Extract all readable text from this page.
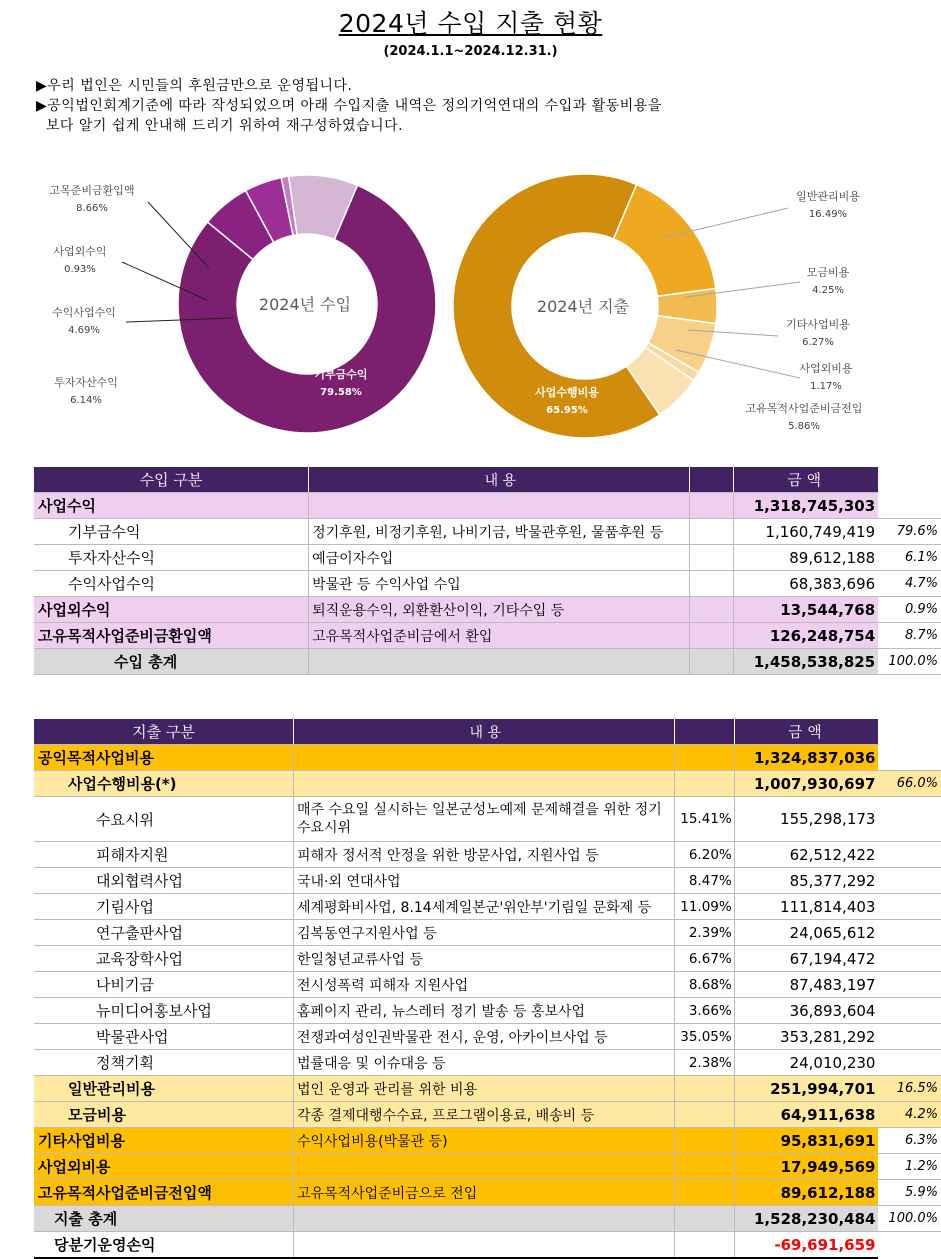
2024년 수입 지출 현황
(2024.1.1~2024.12.31.)
▶우리 법인은 시민들의 후원금만으로 운영됩니다.
▶공익법인회계기준에 따라 작성되었으며 아래 수입지출 내역은 정의기억연대의 수입과 활동비용을
보다 알기 쉽게 안내해 드리기 위하여 재구성하였습니다.
기부금수익
79.58%
투자자산수익
6.14%
수익사업수익
4.69%
사업외수익
0.93%
고목준비금환입액
8.66%
2024년 수입
일반관리비용
16.49%
모금비용
4.25%
기타사업비용
6.27%
사업외비용
1.17%
고유목적사업준비금전입
5.86%
사업수행비용
65.95%
2024년 지출
수입 구분	내 용		금 액	
사업수익			1,318,745,303	
기부금수익	정기후원, 비정기후원, 나비기금, 박물관후원, 물품후원 등		1,160,749,419	79.6%
투자자산수익	예금이자수입		89,612,188	6.1%
수익사업수익	박물관 등 수익사업 수입		68,383,696	4.7%
사업외수익	퇴직운용수익, 외환환산이익, 기타수입 등		13,544,768	0.9%
고유목적사업준비금환입액	고유목적사업준비금에서 환입		126,248,754	8.7%
수입 총계			1,458,538,825	100.0%
지출 구분	내 용		금 액	
공익목적사업비용			1,324,837,036	
사업수행비용(*)			1,007,930,697	66.0%
수요시위	매주 수요일 실시하는 일본군성노예제 문제해결을 위한 정기수요시위	15.41%	155,298,173	
피해자지원	피해자 정서적 안정을 위한 방문사업, 지원사업 등	6.20%	62,512,422	
대외협력사업	국내·외 연대사업	8.47%	85,377,292	
기림사업	세계평화비사업, 8.14세계일본군'위안부'기림일 문화제 등	11.09%	111,814,403	
연구출판사업	김복동연구지원사업 등	2.39%	24,065,612	
교육장학사업	한일청년교류사업 등	6.67%	67,194,472	
나비기금	전시성폭력 피해자 지원사업	8.68%	87,483,197	
뉴미디어홍보사업	홈페이지 관리, 뉴스레터 정기 발송 등 홍보사업	3.66%	36,893,604	
박물관사업	전쟁과여성인권박물관 전시, 운영, 아카이브사업 등	35.05%	353,281,292	
정책기획	법률대응 및 이슈대응 등	2.38%	24,010,230	
일반관리비용	법인 운영과 관리를 위한 비용		251,994,701	16.5%
모금비용	각종 결제대행수수료, 프로그램이용료, 배송비 등		64,911,638	4.2%
기타사업비용	수익사업비용(박물관 등)		95,831,691	6.3%
사업외비용			17,949,569	1.2%
고유목적사업준비금전입액	고유목적사업준비금으로 전입		89,612,188	5.9%
지출 총계			1,528,230,484	100.0%
당분기운영손익			-69,691,659	
